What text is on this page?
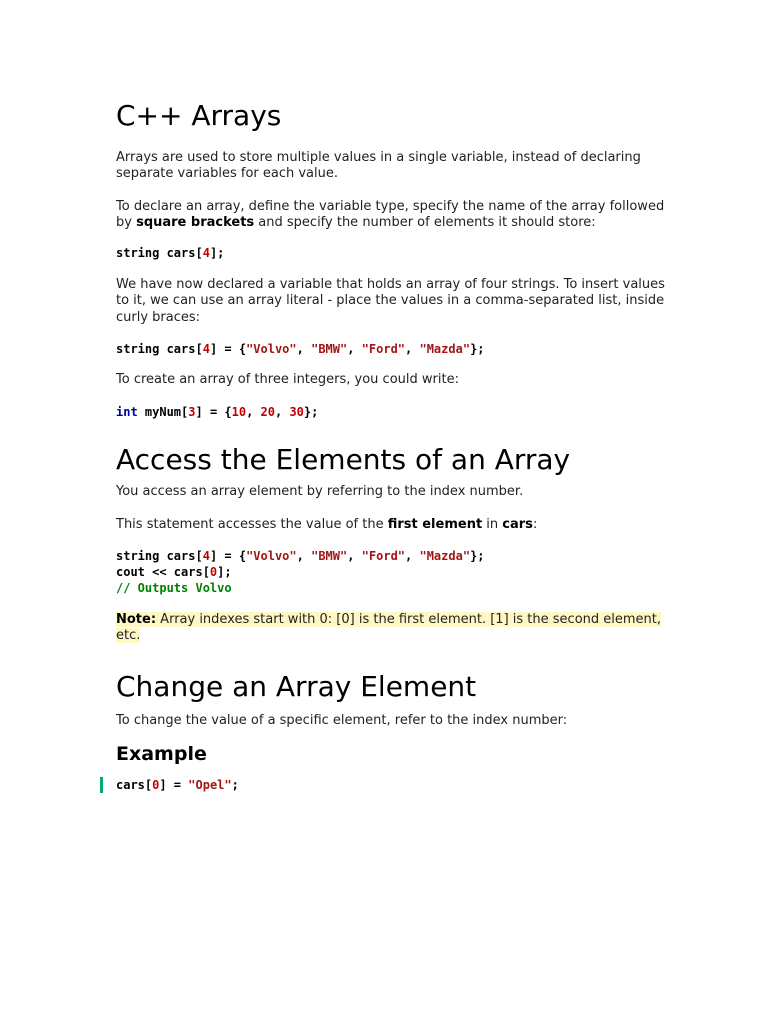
C++ Arrays

Arrays are used to store multiple values in a single variable, instead of declaring separate variables for each value.

To declare an array, define the variable type, specify the name of the array followed by square brackets and specify the number of elements it should store:

string cars[4];

We have now declared a variable that holds an array of four strings. To insert values to it, we can use an array literal - place the values in a comma-separated list, inside curly braces:

string cars[4] = {"Volvo", "BMW", "Ford", "Mazda"};

To create an array of three integers, you could write:

int myNum[3] = {10, 20, 30};
Access the Elements of an Array

You access an array element by referring to the index number.

This statement accesses the value of the first element in cars:

string cars[4] = {"Volvo", "BMW", "Ford", "Mazda"};
cout << cars[0];
// Outputs Volvo

Note: Array indexes start with 0: [0] is the first element. [1] is the second element, etc.

Change an Array Element

To change the value of a specific element, refer to the index number:

Example
cars[0] = "Opel";
